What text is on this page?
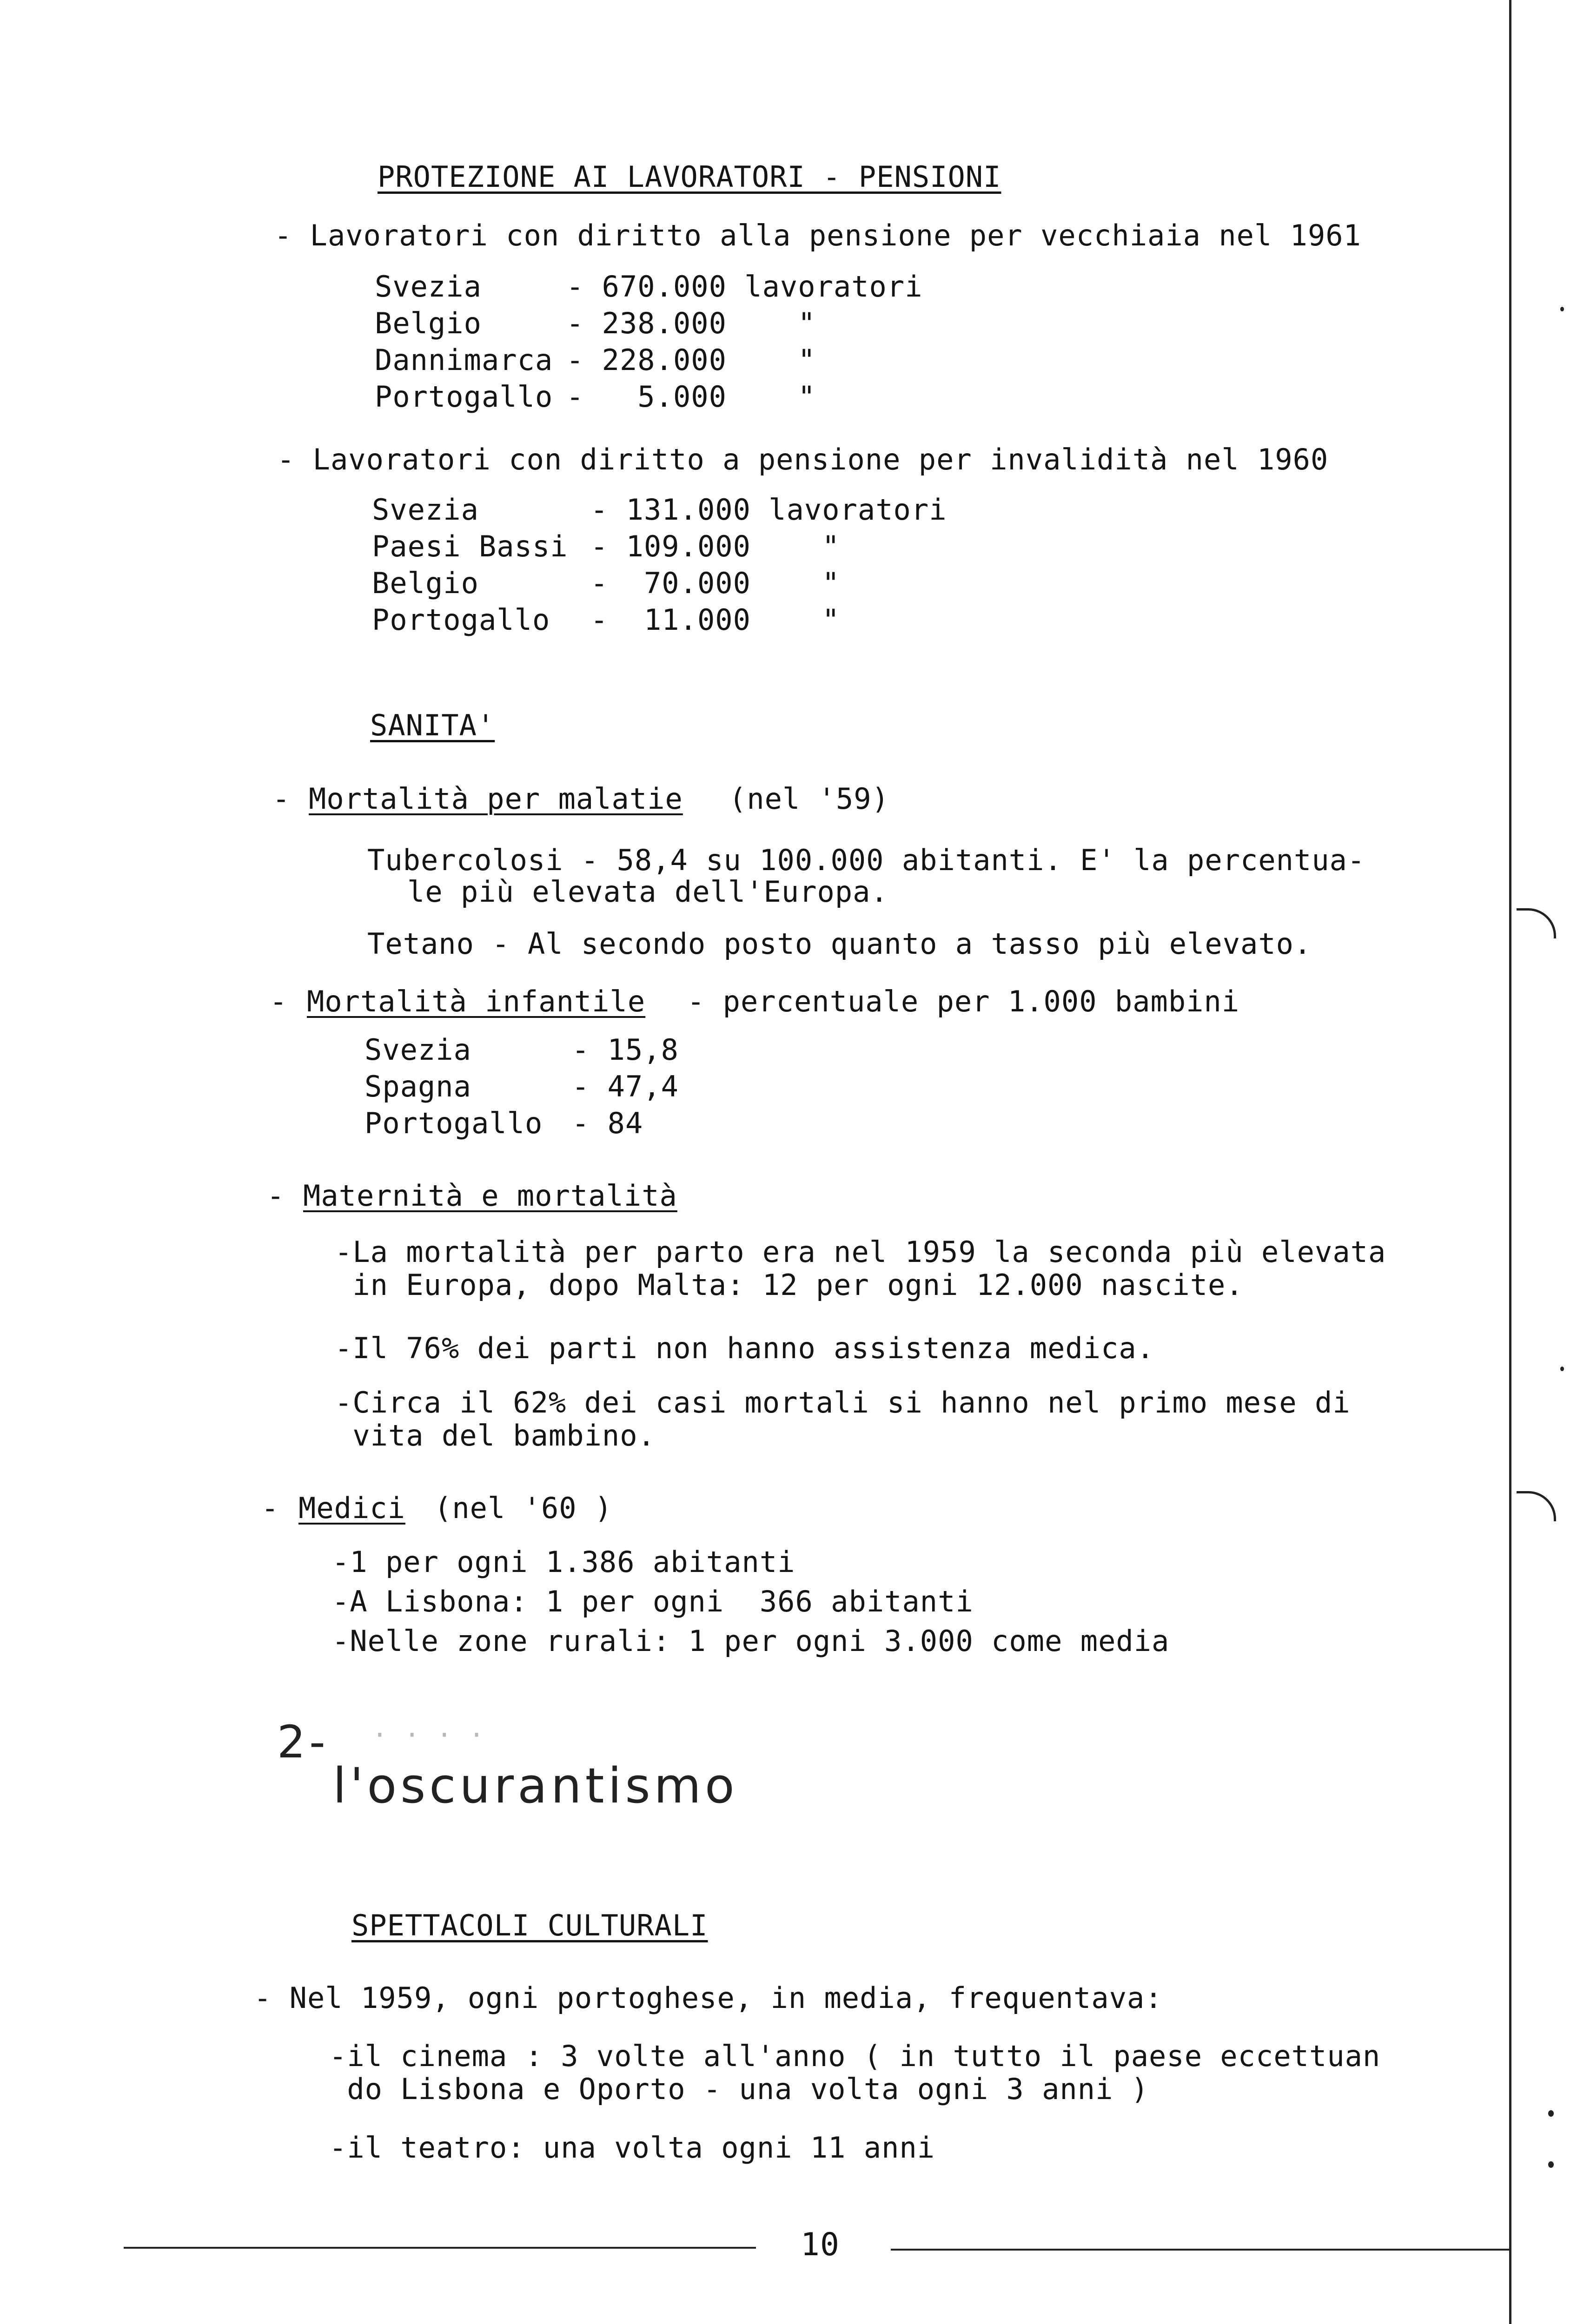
PROTEZIONE AI LAVORATORI - PENSIONI
- Lavoratori con diritto alla pensione per vecchiaia nel 1961
Svezia	- 670.000 lavoratori
Belgio	- 238.000    "
Dannimarca - 228.000    "
Portogallo -   5.000    "
- Lavoratori con diritto a pensione per invalidità nel 1960
Svezia	- 131.000 lavoratori
Paesi Bassi - 109.000    "
Belgio	-  70.000    "
Portogallo -  11.000    "
SANITA'
- Mortalità per malatie (nel '59)
Tubercolosi - 58,4 su 100.000 abitanti. E' la percentua-
le più elevata dell'Europa.
Tetano - Al secondo posto quanto a tasso più elevato.
- Mortalità infantile - percentuale per 1.000 bambini
Svezia	- 15,8
Spagna	- 47,4
Portogallo - 84
- Maternità e mortalità
-La mortalità per parto era nel 1959 la seconda più elevata
in Europa, dopo Malta: 12 per ogni 12.000 nascite.
-Il 76% dei parti non hanno assistenza medica.
-Circa il 62% dei casi mortali si hanno nel primo mese di
vita del bambino.
- Medici (nel '60 )
-1 per ogni 1.386 abitanti
-A Lisbona: 1 per ogni  366 abitanti
-Nelle zone rurali: 1 per ogni 3.000 come media
2- · · · ·
l'oscurantismo
SPETTACOLI CULTURALI
- Nel 1959, ogni portoghese, in media, frequentava:
-il cinema : 3 volte all'anno ( in tutto il paese eccettuan
do Lisbona e Oporto - una volta ogni 3 anni )
-il teatro: una volta ogni 11 anni
10
